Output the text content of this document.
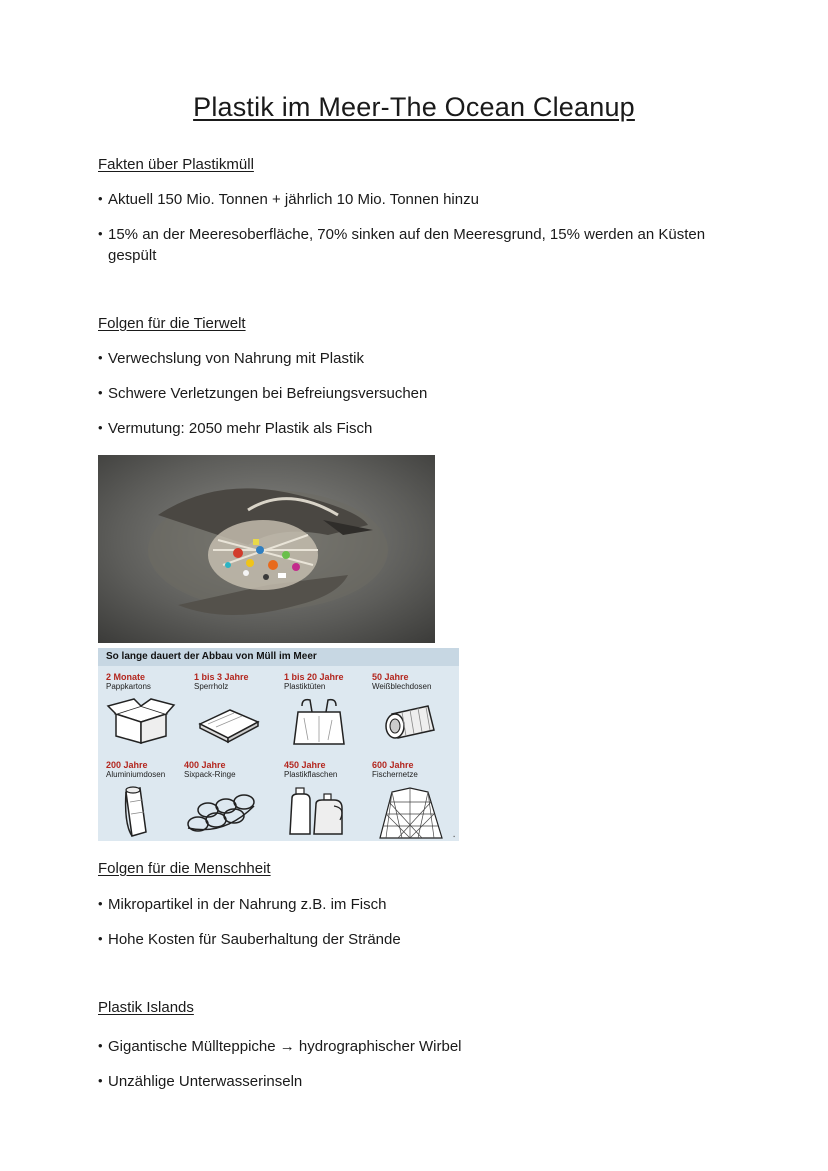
Plastik im Meer-The Ocean Cleanup
Fakten über Plastikmüll
• Aktuell 150 Mio. Tonnen + jährlich 10 Mio. Tonnen hinzu
• 15% an der Meeresoberfläche, 70% sinken auf den Meeresgrund, 15% werden an Küsten gespült
Folgen für die Tierwelt
• Verwechslung von Nahrung mit Plastik
• Schwere Verletzungen bei Befreiungsversuchen
• Vermutung: 2050 mehr Plastik als Fisch
So lange dauert der Abbau von Müll im Meer
2 Monate
Pappkartons
1 bis 3 Jahre
Sperrholz
1 bis 20 Jahre
Plastiktüten
50 Jahre
Weißblechdosen
200 Jahre
Aluminiumdosen
400 Jahre
Sixpack-Ringe
450 Jahre
Plastikflaschen
600 Jahre
Fischernetze
▪
Folgen für die Menschheit
• Mikropartikel in der Nahrung z.B. im Fisch
• Hohe Kosten für Sauberhaltung der Strände
Plastik Islands
• Gigantische Müllteppiche → hydrographischer Wirbel
• Unzählige Unterwasserinseln
